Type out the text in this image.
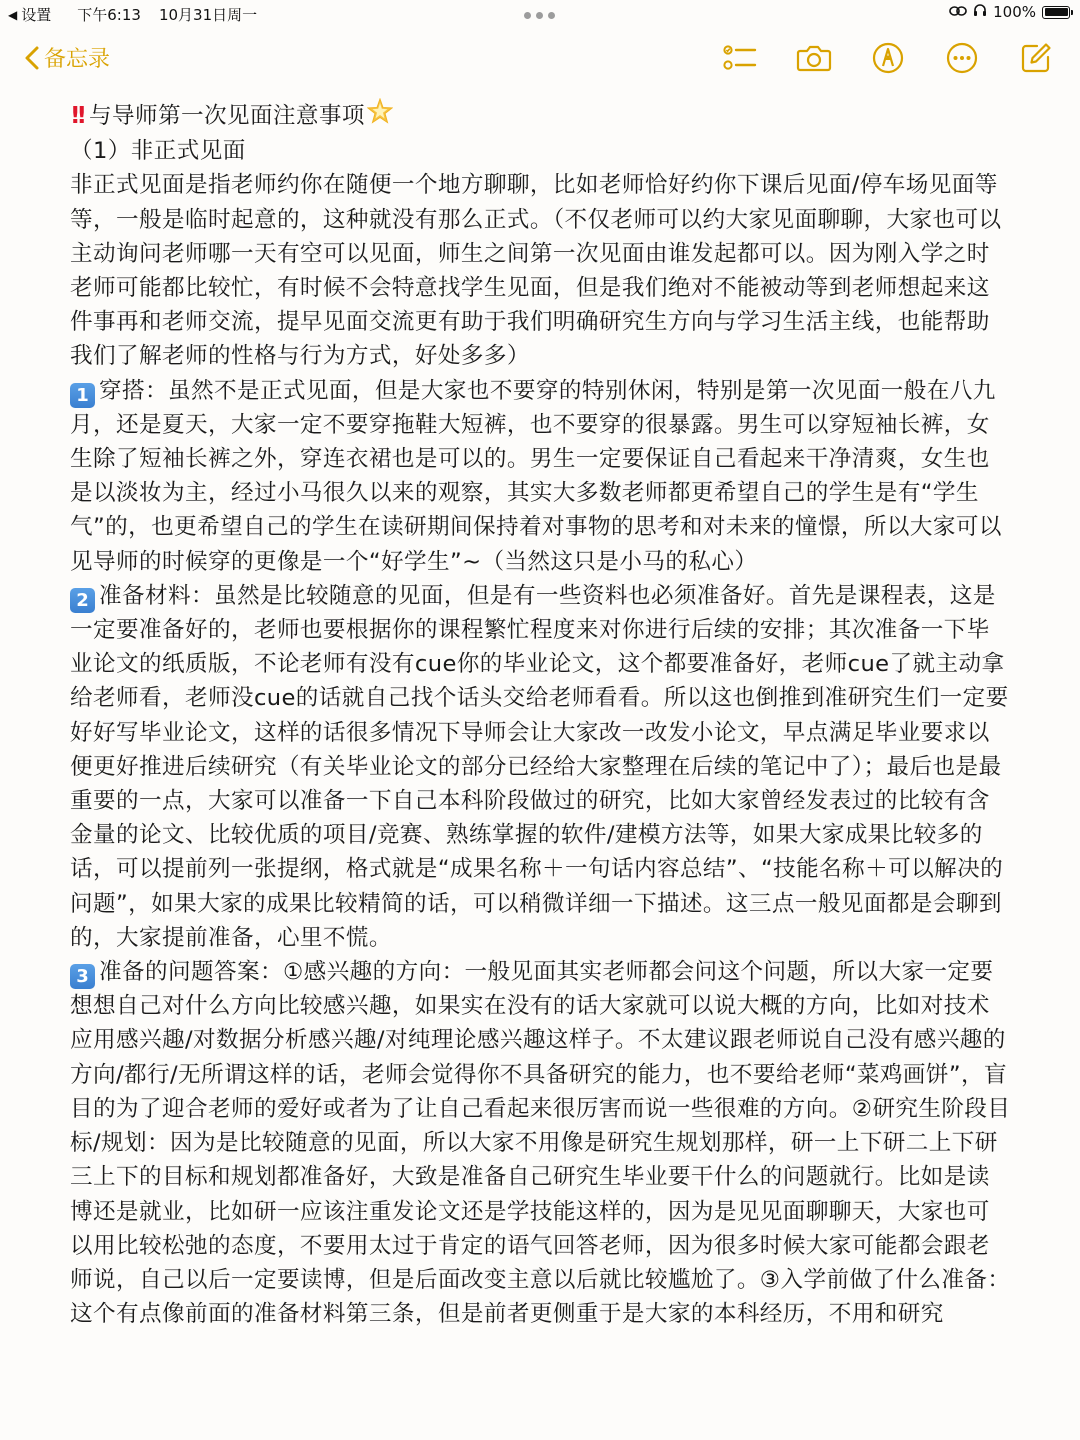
◀ 设置 下午6:13 10月31日周一	100%
备忘录

!! 与导师第一次见面注意事项

（1）非正式见面

非正式见面是指老师约你在随便一个地方聊聊，比如老师恰好约你下课后见面/停车场见面等等，一般是临时起意的，这种就没有那么正式。（不仅老师可以约大家见面聊聊，大家也可以主动询问老师哪一天有空可以见面，师生之间第一次见面由谁发起都可以。因为刚入学之时老师可能都比较忙，有时候不会特意找学生见面，但是我们绝对不能被动等到老师想起来这件事再和老师交流，提早见面交流更有助于我们明确研究生方向与学习生活主线，也能帮助我们了解老师的性格与行为方式，好处多多）

1 穿搭：虽然不是正式见面，但是大家也不要穿的特别休闲，特别是第一次见面一般在八九月，还是夏天，大家一定不要穿拖鞋大短裤，也不要穿的很暴露。男生可以穿短袖长裤，女生除了短袖长裤之外，穿连衣裙也是可以的。男生一定要保证自己看起来干净清爽，女生也是以淡妆为主，经过小马很久以来的观察，其实大多数老师都更希望自己的学生是有“学生气”的，也更希望自己的学生在读研期间保持着对事物的思考和对未来的憧憬，所以大家可以见导师的时候穿的更像是一个“好学生”~（当然这只是小马的私心）

2 准备材料：虽然是比较随意的见面，但是有一些资料也必须准备好。首先是课程表，这是一定要准备好的，老师也要根据你的课程繁忙程度来对你进行后续的安排；其次准备一下毕业论文的纸质版，不论老师有没有cue你的毕业论文，这个都要准备好，老师cue了就主动拿给老师看，老师没cue的话就自己找个话头交给老师看看。所以这也倒推到准研究生们一定要好好写毕业论文，这样的话很多情况下导师会让大家改一改发小论文，早点满足毕业要求以便更好推进后续研究（有关毕业论文的部分已经给大家整理在后续的笔记中了）；最后也是最重要的一点，大家可以准备一下自己本科阶段做过的研究，比如大家曾经发表过的比较有含金量的论文、比较优质的项目/竞赛、熟练掌握的软件/建模方法等，如果大家成果比较多的话，可以提前列一张提纲，格式就是“成果名称＋一句话内容总结”、“技能名称＋可以解决的问题”，如果大家的成果比较精简的话，可以稍微详细一下描述。这三点一般见面都是会聊到的，大家提前准备，心里不慌。

3 准备的问题答案：①感兴趣的方向：一般见面其实老师都会问这个问题，所以大家一定要想想自己对什么方向比较感兴趣，如果实在没有的话大家就可以说大概的方向，比如对技术应用感兴趣/对数据分析感兴趣/对纯理论感兴趣这样子。不太建议跟老师说自己没有感兴趣的方向/都行/无所谓这样的话，老师会觉得你不具备研究的能力，也不要给老师“菜鸡画饼”，盲目的为了迎合老师的爱好或者为了让自己看起来很厉害而说一些很难的方向。②研究生阶段目标/规划：因为是比较随意的见面，所以大家不用像是研究生规划那样，研一上下研二上下研三上下的目标和规划都准备好，大致是准备自己研究生毕业要干什么的问题就行。比如是读博还是就业，比如研一应该注重发论文还是学技能这样的，因为是见见面聊聊天，大家也可以用比较松弛的态度，不要用太过于肯定的语气回答老师，因为很多时候大家可能都会跟老师说，自己以后一定要读博，但是后面改变主意以后就比较尴尬了。③入学前做了什么准备：这个有点像前面的准备材料第三条，但是前者更侧重于是大家的本科经历，不用和研究
